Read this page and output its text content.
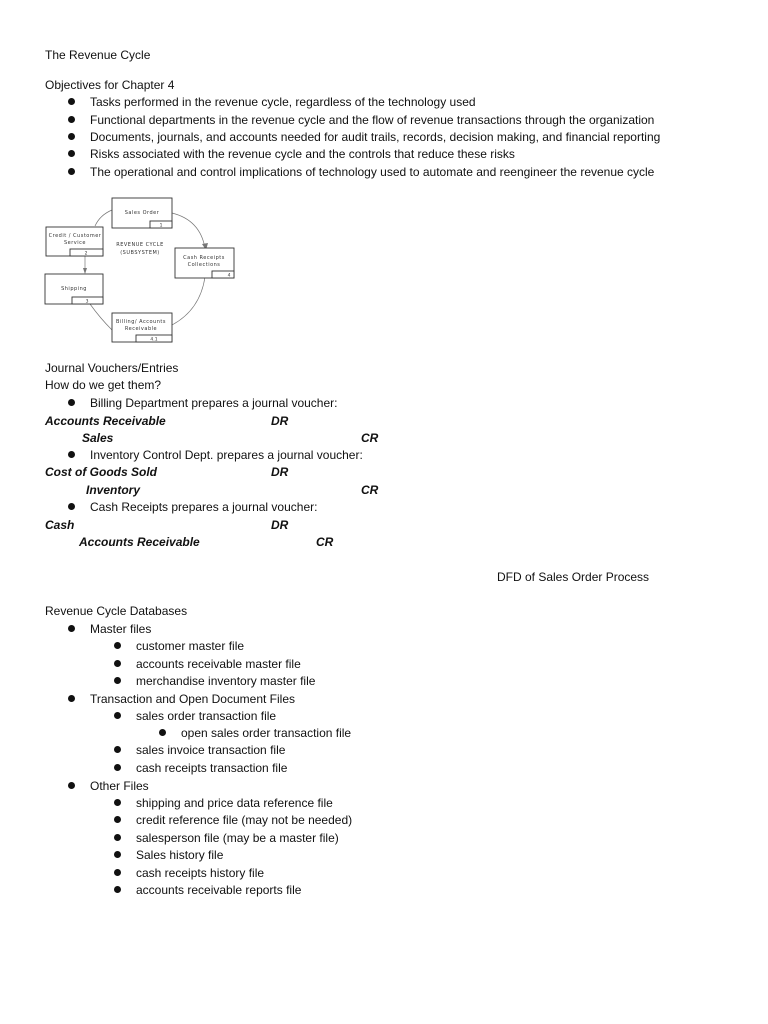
The Revenue Cycle
Objectives for Chapter 4
Tasks performed in the revenue cycle, regardless of the technology used
Functional departments in the revenue cycle and the flow of revenue transactions through the organization
Documents, journals, and accounts needed for audit trails, records, decision making, and financial reporting
Risks associated with the revenue cycle and the controls that reduce these risks
The operational and control implications of technology used to automate and reengineer the revenue cycle
REVENUE CYCLE
(SUBSYSTEM)
Sales Order
1
Credit / Customer
Service
2
Cash Receipts
Collections
4
Shipping
3
Billing/ Accounts
Receivable
4.1
Journal Vouchers/Entries
How do we get them?
Billing Department prepares a journal voucher:
Accounts Receivable	DR
Sales	CR
Inventory Control Dept. prepares a journal voucher:
Cost of Goods Sold	DR
Inventory	CR
Cash Receipts prepares a journal voucher:
Cash	DR
Accounts Receivable	CR
DFD of Sales Order Process
Revenue Cycle Databases
Master files
customer master file
accounts receivable master file
merchandise inventory master file
Transaction and Open Document Files
sales order transaction file
open sales order transaction file
sales invoice transaction file
cash receipts transaction file
Other Files
shipping and price data reference file
credit reference file (may not be needed)
salesperson file (may be a master file)
Sales history file
cash receipts history file
accounts receivable reports file
